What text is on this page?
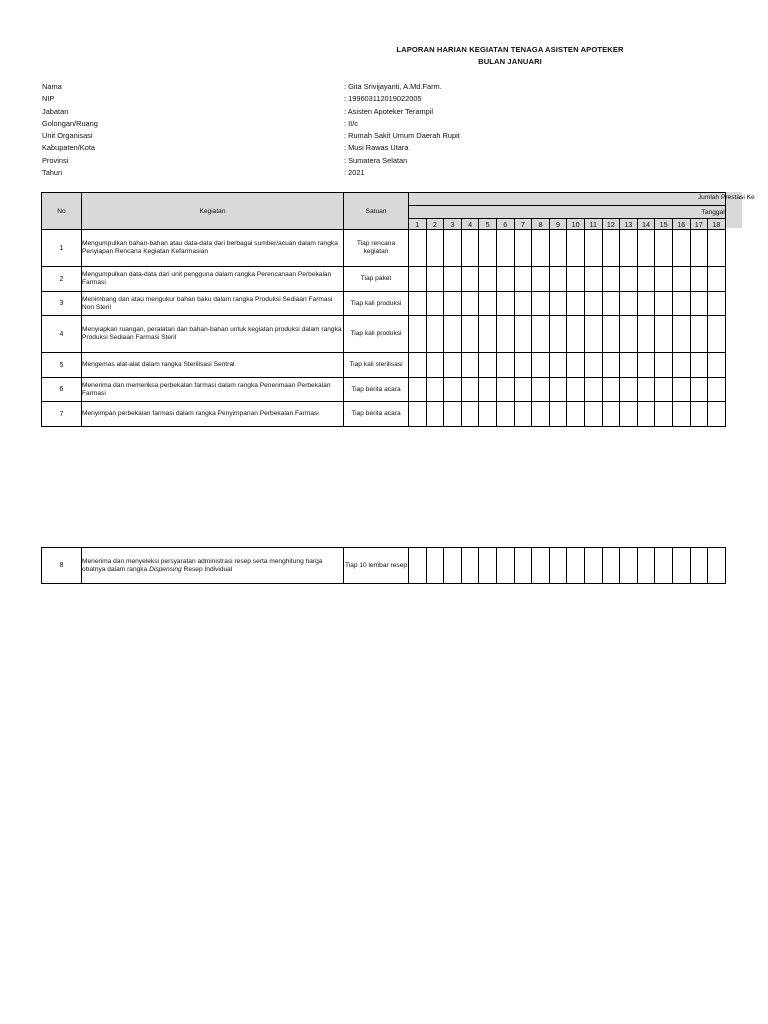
LAPORAN HARIAN KEGIATAN TENAGA ASISTEN APOTEKER
BULAN JANUARI
Nama	: Gita Srivijayanti, A.Md.Farm.
NIP	: 199603112019022005
Jabatan	: Asisten Apoteker Terampil
Golongan/Ruang	: II/c
Unit Organisasi	: Rumah Sakit Umum Daerah Rupit
Kabupaten/Kota	: Musi Rawas Utara
Provinsi	: Sumatera Selatan
Tahun	: 2021
No	Kegiatan	Satuan	Jumlah Prestasi Ke																	

			Tanggal																	
			1	2	3	4	5	6	7	8	9	10	11	12	13	14	15	16	17	18
1	Mengumpulkan bahan-bahan atau data-data dari berbagai sumber/acuan dalam rangka Penyiapan Rencana Kegiatan Kefarmasian	Tiap rencana kegiatan																		
2	Mengumpulkan data-data dari unit pengguna dalam rangka Perencanaan Perbekalan Farmasi	Tiap paket																		
3	Menimbang dan atau mengukur bahan baku dalam rangka Produksi Sediaan Farmasi Non Steril	Tiap kali produksi																		
4	Menyiapkan ruangan, peralatan dan bahan-bahan untuk kegiatan produksi dalam rangka Produksi Sediaan Farmasi Steril	Tiap kali produksi																		
5	Mengemas alat-alat dalam rangka Sterilisasi Sentral	Tiap kali sterilisasi																		
6	Menerima dan memeriksa perbekalan farmasi dalam rangka Penerimaan Perbekalan Farmasi	Tiap berita acara																		
7	Menyimpan perbekalan farmasi dalam rangka Penyimpanan Perbekalan Farmasi	Tiap berita acara																		
8	Menerima dan menyeleksi persyaratan administrasi resep serta menghitung harga obatnya dalam rangka Dispensing Resep Individual	Tiap 10 lembar resep																		
